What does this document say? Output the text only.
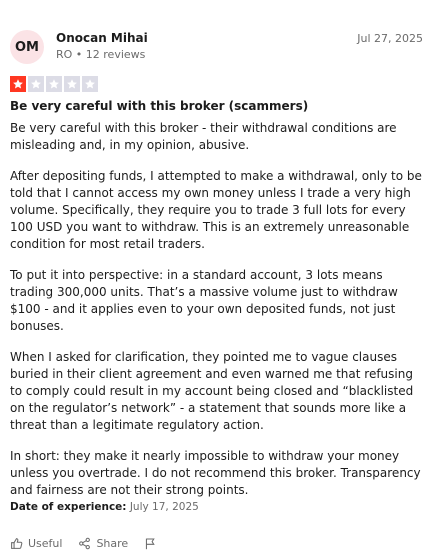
OM
Onocan Mihai
RO • 12 reviews
Jul 27, 2025
Be very careful with this broker (scammers)

Be very careful with this broker - their withdrawal conditions are misleading and, in my opinion, abusive.

After depositing funds, I attempted to make a withdrawal, only to be told that I cannot access my own money unless I trade a very high volume. Specifically, they require you to trade 3 full lots for every 100 USD you want to withdraw. This is an extremely unreasonable condition for most retail traders.

To put it into perspective: in a standard account, 3 lots means trading 300,000 units. That’s a massive volume just to withdraw $100 - and it applies even to your own deposited funds, not just bonuses.

When I asked for clarification, they pointed me to vague clauses buried in their client agreement and even warned me that refusing to comply could result in my account being closed and “blacklisted on the regulator’s network” - a statement that sounds more like a threat than a legitimate regulatory action.

In short: they make it nearly impossible to withdraw your money unless you overtrade. I do not recommend this broker. Transparency and fairness are not their strong points.

Date of experience: July 17, 2025
Useful	Share
